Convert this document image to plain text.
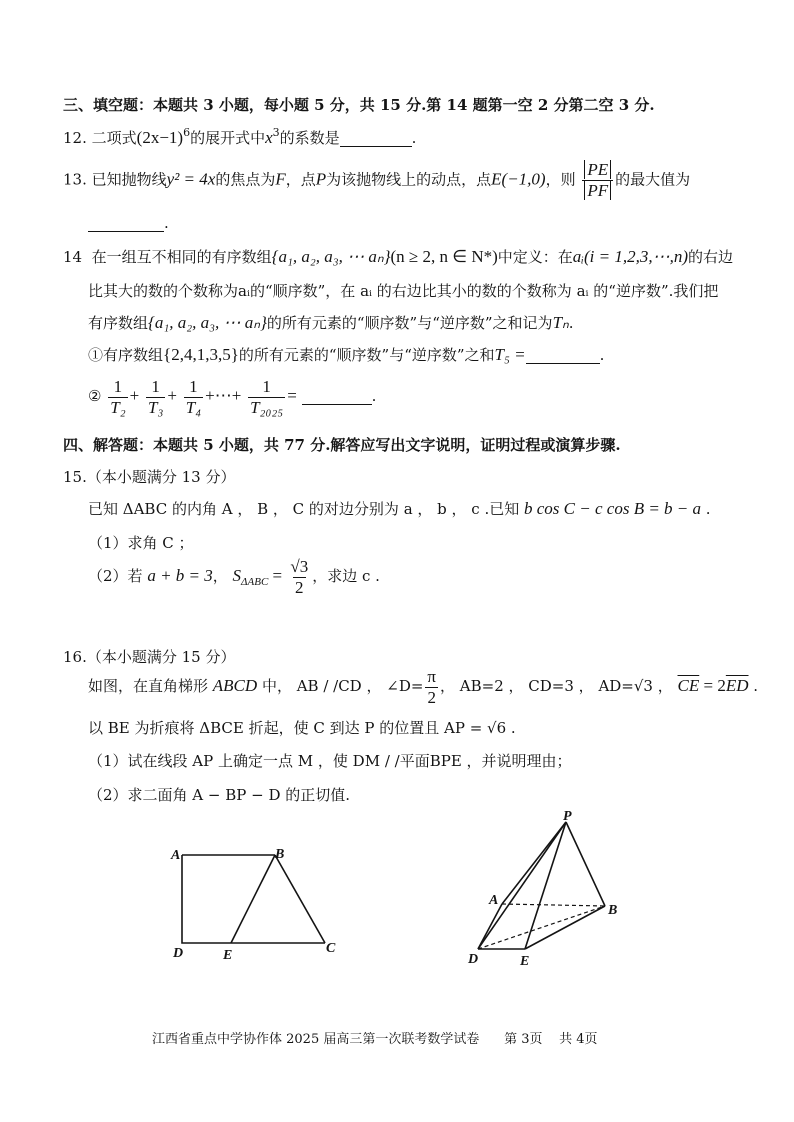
三、填空题：本题共 3 小题，每小题 5 分，共 15 分.第 14 题第一空 2 分第二空 3 分.
12. 二项式$(2x-1)^6$的展开式中$x^3$的系数是	.
13. 已知抛物线y² = 4x的焦点为F，点P为该抛物线上的动点，点E(−1,0)，则 $\frac{PE}{PF}$ 的最大值为
.
14 在一组互不相同的有序数组{a₁, a₂, a₃, ⋯ aₙ}(n ≥ 2, n ∈ N*)中定义：在aᵢ(i = 1,2,3,⋯,n)的右边
比其大的数的个数称为aᵢ的“顺序数”，在 aᵢ 的右边比其小的数的个数称为 aᵢ 的“逆序数”.我们把
有序数组{a₁, a₂, a₃, ⋯ aₙ}的所有元素的“顺序数”与“逆序数”之和记为Tₙ.
①有序数组{2,4,1,3,5}的所有元素的“顺序数”与“逆序数”之和T₅ =	.
② $\frac{1}{\text{T₂}} + \frac{1}{\text{T₃}} + \frac{1}{\text{T₄}}$ +⋯+ $\frac{1}{\text{T₂₀₂₅}}$ =	.
四、解答题：本题共 5 小题，共 77 分.解答应写出文字说明，证明过程或演算步骤.
15.（本小题满分 13 分）
已知 ΔABC 的内角 A ， B ， C 的对边分别为 a ， b ， c .已知 b cos C − c cos B = b − a .
（1）求角 C ；
（2）若 a + b = 3， $S_{\Delta ABC} = \frac{√3}{2}$ ，求边 c .
16.（本小题满分 15 分）
如图，在直角梯形 ABCD 中， AB / /CD ， ∠D= $\frac{\pi}{2}$ ， AB=2 ， CD=3 ， AD=√3 ， $\overline{CE} = 2\overline{ED}$ .
以 BE 为折痕将 ΔBCE 折起，使 C 到达 P 的位置且 AP = √6 .
（1）试在线段 AP 上确定一点 M ，使 DM / /平面BPE ，并说明理由；
（2）求二面角 A − BP − D 的正切值.
A	B
D	E	C
P
A
B
D	E
江西省重点中学协作体 2025 届高三第一次联考数学试卷 第 3页 共 4页
